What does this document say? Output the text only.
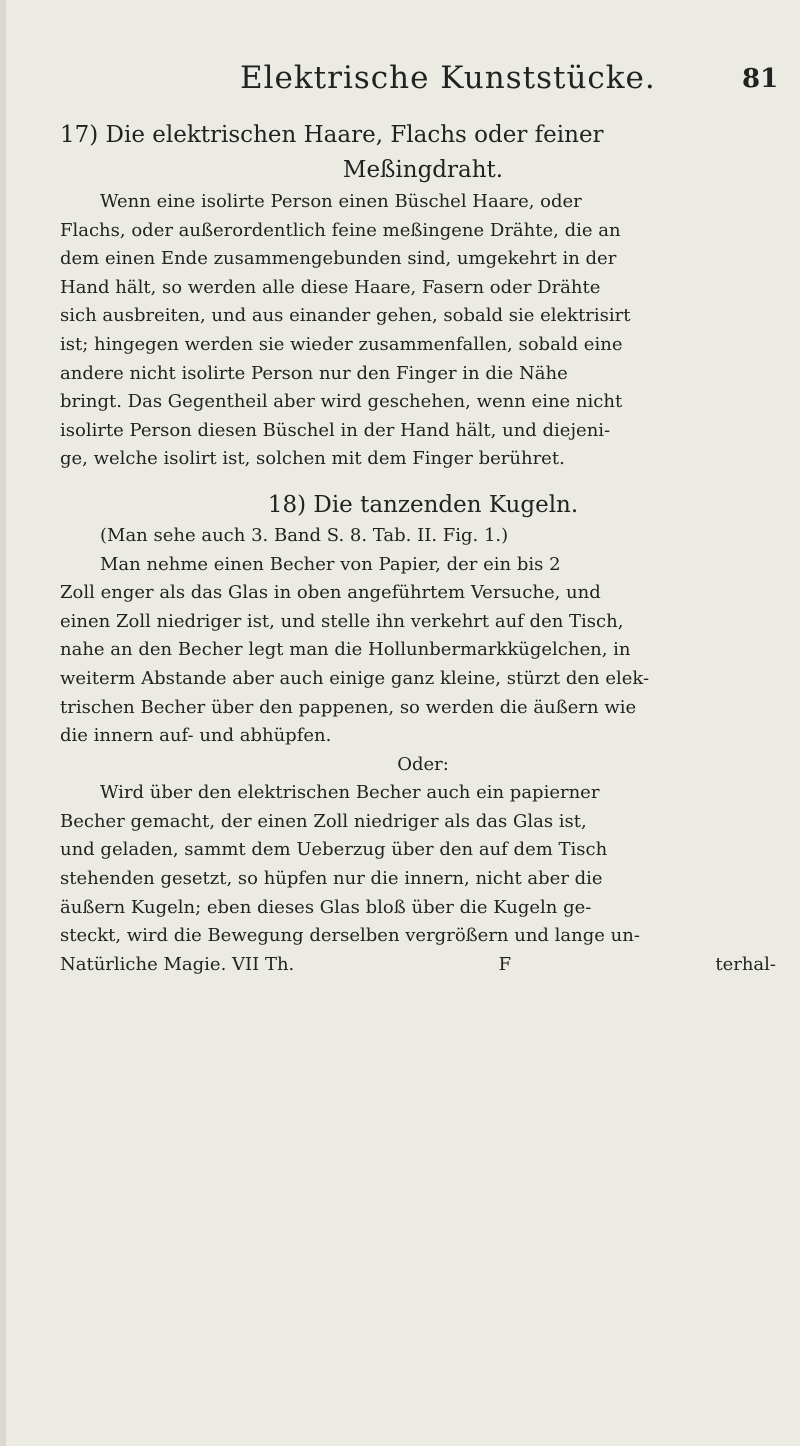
Elektrische Kunststücke.	81
17) Die elektrischen Haare, Flachs oder feiner
Meßingdraht.
Wenn eine isolirte Person einen Büschel Haare, oder
Flachs, oder außerordentlich feine meßingene Drähte, die an
dem einen Ende zusammengebunden sind, umgekehrt in der
Hand hält, so werden alle diese Haare, Fasern oder Drähte
sich ausbreiten, und aus einander gehen, sobald sie elektrisirt
ist; hingegen werden sie wieder zusammenfallen, sobald eine
andere nicht isolirte Person nur den Finger in die Nähe
bringt. Das Gegentheil aber wird geschehen, wenn eine nicht
isolirte Person diesen Büschel in der Hand hält, und diejeni-
ge, welche isolirt ist, solchen mit dem Finger berühret.
18) Die tanzenden Kugeln.
(Man sehe auch 3. Band S. 8. Tab. II. Fig. 1.)
Man nehme einen Becher von Papier, der ein bis 2
Zoll enger als das Glas in oben angeführtem Versuche, und
einen Zoll niedriger ist, und stelle ihn verkehrt auf den Tisch,
nahe an den Becher legt man die Hollunbermarkkügelchen, in
weiterm Abstande aber auch einige ganz kleine, stürzt den elek-
trischen Becher über den pappenen, so werden die äußern wie
die innern auf- und abhüpfen.
Oder:
Wird über den elektrischen Becher auch ein papierner
Becher gemacht, der einen Zoll niedriger als das Glas ist,
und geladen, sammt dem Ueberzug über den auf dem Tisch
stehenden gesetzt, so hüpfen nur die innern, nicht aber die
äußern Kugeln; eben dieses Glas bloß über die Kugeln ge-
steckt, wird die Bewegung derselben vergrößern und lange un-
Natürliche Magie. VII Th.	F	terhal-
